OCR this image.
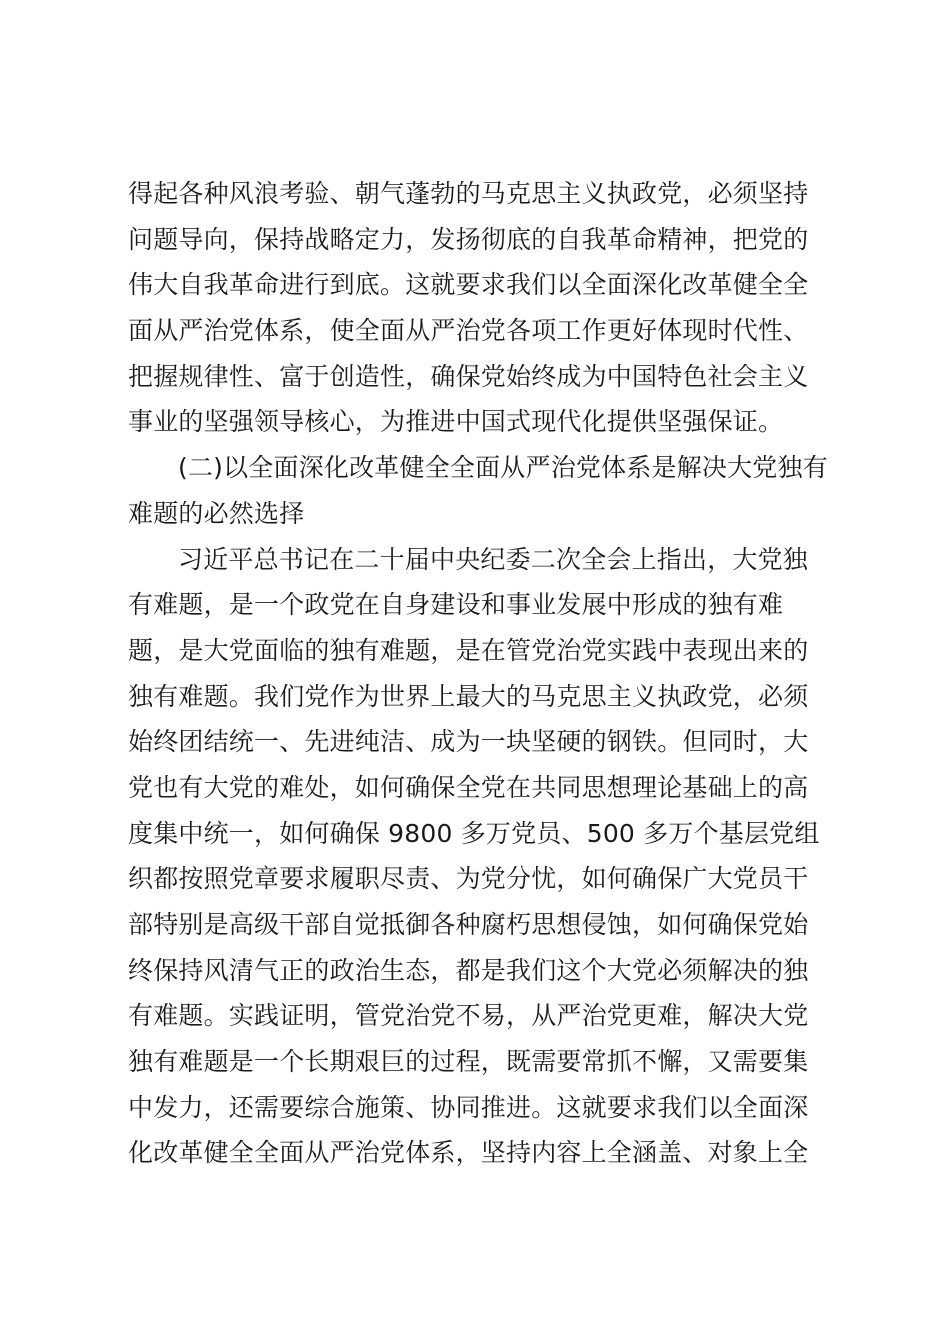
得起各种风浪考验、朝气蓬勃的马克思主义执政党，必须坚持
问题导向，保持战略定力，发扬彻底的自我革命精神，把党的
伟大自我革命进行到底。这就要求我们以全面深化改革健全全
面从严治党体系，使全面从严治党各项工作更好体现时代性、
把握规律性、富于创造性，确保党始终成为中国特色社会主义
事业的坚强领导核心，为推进中国式现代化提供坚强保证。
(二)以全面深化改革健全全面从严治党体系是解决大党独有
难题的必然选择
习近平总书记在二十届中央纪委二次全会上指出，大党独
有难题，是一个政党在自身建设和事业发展中形成的独有难
题，是大党面临的独有难题，是在管党治党实践中表现出来的
独有难题。我们党作为世界上最大的马克思主义执政党，必须
始终团结统一、先进纯洁、成为一块坚硬的钢铁。但同时，大
党也有大党的难处，如何确保全党在共同思想理论基础上的高
度集中统一，如何确保 9800 多万党员、500 多万个基层党组
织都按照党章要求履职尽责、为党分忧，如何确保广大党员干
部特别是高级干部自觉抵御各种腐朽思想侵蚀，如何确保党始
终保持风清气正的政治生态，都是我们这个大党必须解决的独
有难题。实践证明，管党治党不易，从严治党更难，解决大党
独有难题是一个长期艰巨的过程，既需要常抓不懈，又需要集
中发力，还需要综合施策、协同推进。这就要求我们以全面深
化改革健全全面从严治党体系，坚持内容上全涵盖、对象上全
